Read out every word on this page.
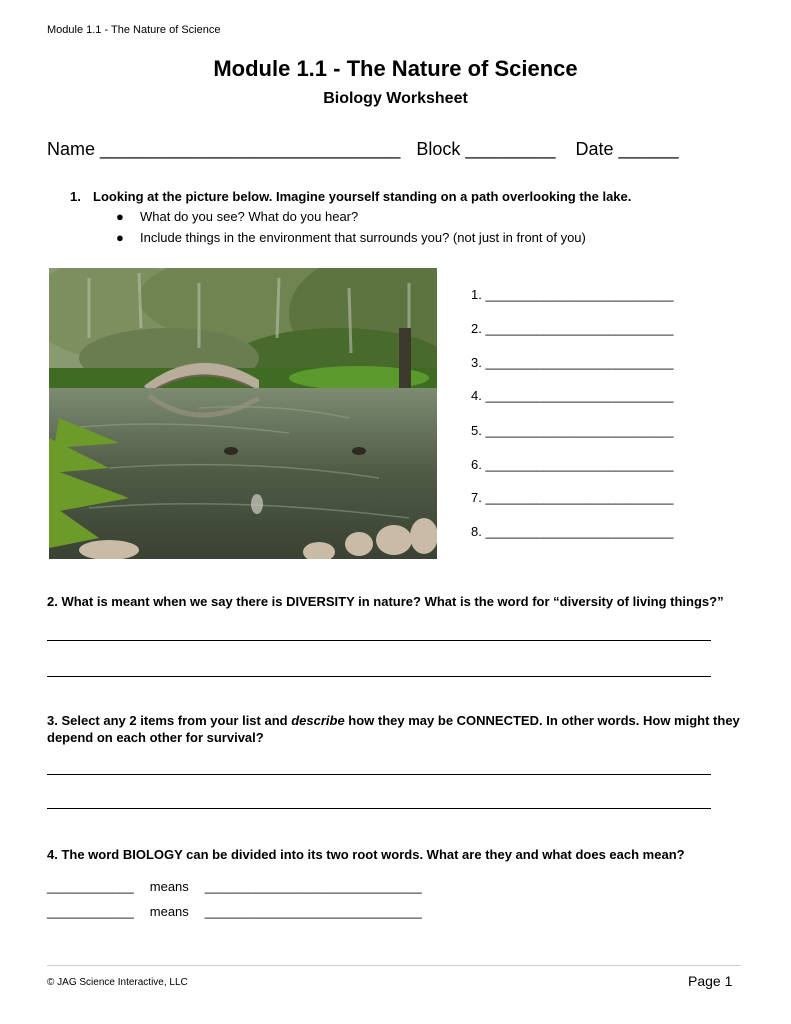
Module 1.1 - The Nature of Science
Module 1.1 - The Nature of Science
Biology Worksheet
Name ______________________________ Block _________ Date ______
1. Looking at the picture below. Imagine yourself standing on a path overlooking the lake.
● What do you see? What do you hear?
● Include things in the environment that surrounds you? (not just in front of you)
1. __________________________
2. __________________________
3. __________________________
4. __________________________
5. __________________________
6. __________________________
7. __________________________
8. __________________________
2. What is meant when we say there is DIVERSITY in nature? What is the word for “diversity of living things?”
3. Select any 2 items from your list and describe how they may be CONNECTED. In other words. How might they depend on each other for survival?
4. The word BIOLOGY can be divided into its two root words. What are they and what does each mean?
____________ means ______________________________
____________ means ______________________________
© JAG Science Interactive, LLC	Page 1
